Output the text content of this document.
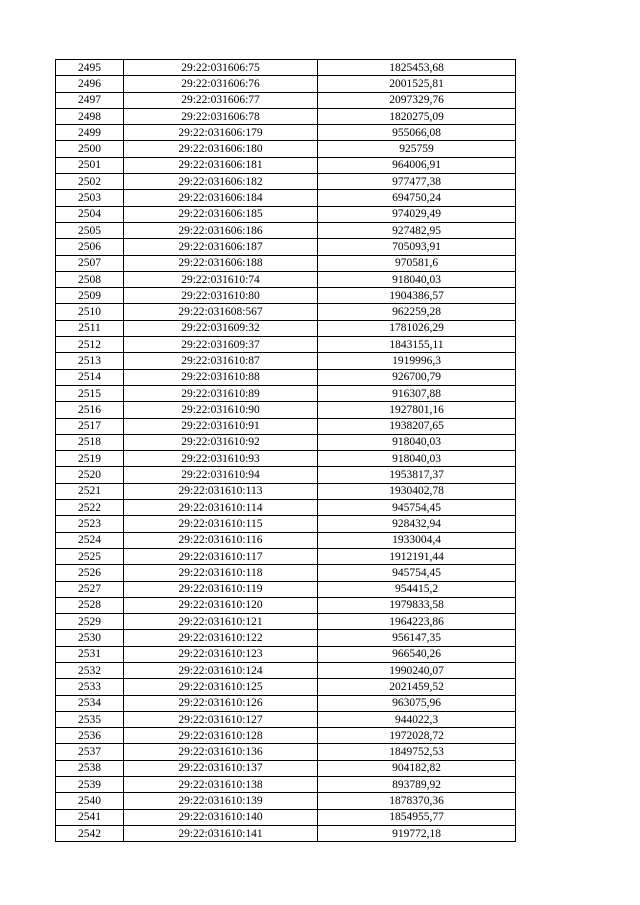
2495	29:22:031606:75	1825453,68
2496	29:22:031606:76	2001525,81
2497	29:22:031606:77	2097329,76
2498	29:22:031606:78	1820275,09
2499	29:22:031606:179	955066,08
2500	29:22:031606:180	925759
2501	29:22:031606:181	964006,91
2502	29:22:031606:182	977477,38
2503	29:22:031606:184	694750,24
2504	29:22:031606:185	974029,49
2505	29:22:031606:186	927482,95
2506	29:22:031606:187	705093,91
2507	29:22:031606:188	970581,6
2508	29:22:031610:74	918040,03
2509	29:22:031610:80	1904386,57
2510	29:22:031608:567	962259,28
2511	29:22:031609:32	1781026,29
2512	29:22:031609:37	1843155,11
2513	29:22:031610:87	1919996,3
2514	29:22:031610:88	926700,79
2515	29:22:031610:89	916307,88
2516	29:22:031610:90	1927801,16
2517	29:22:031610:91	1938207,65
2518	29:22:031610:92	918040,03
2519	29:22:031610:93	918040,03
2520	29:22:031610:94	1953817,37
2521	29:22:031610:113	1930402,78
2522	29:22:031610:114	945754,45
2523	29:22:031610:115	928432,94
2524	29:22:031610:116	1933004,4
2525	29:22:031610:117	1912191,44
2526	29:22:031610:118	945754,45
2527	29:22:031610:119	954415,2
2528	29:22:031610:120	1979833,58
2529	29:22:031610:121	1964223,86
2530	29:22:031610:122	956147,35
2531	29:22:031610:123	966540,26
2532	29:22:031610:124	1990240,07
2533	29:22:031610:125	2021459,52
2534	29:22:031610:126	963075,96
2535	29:22:031610:127	944022,3
2536	29:22:031610:128	1972028,72
2537	29:22:031610:136	1849752,53
2538	29:22:031610:137	904182,82
2539	29:22:031610:138	893789,92
2540	29:22:031610:139	1878370,36
2541	29:22:031610:140	1854955,77
2542	29:22:031610:141	919772,18
